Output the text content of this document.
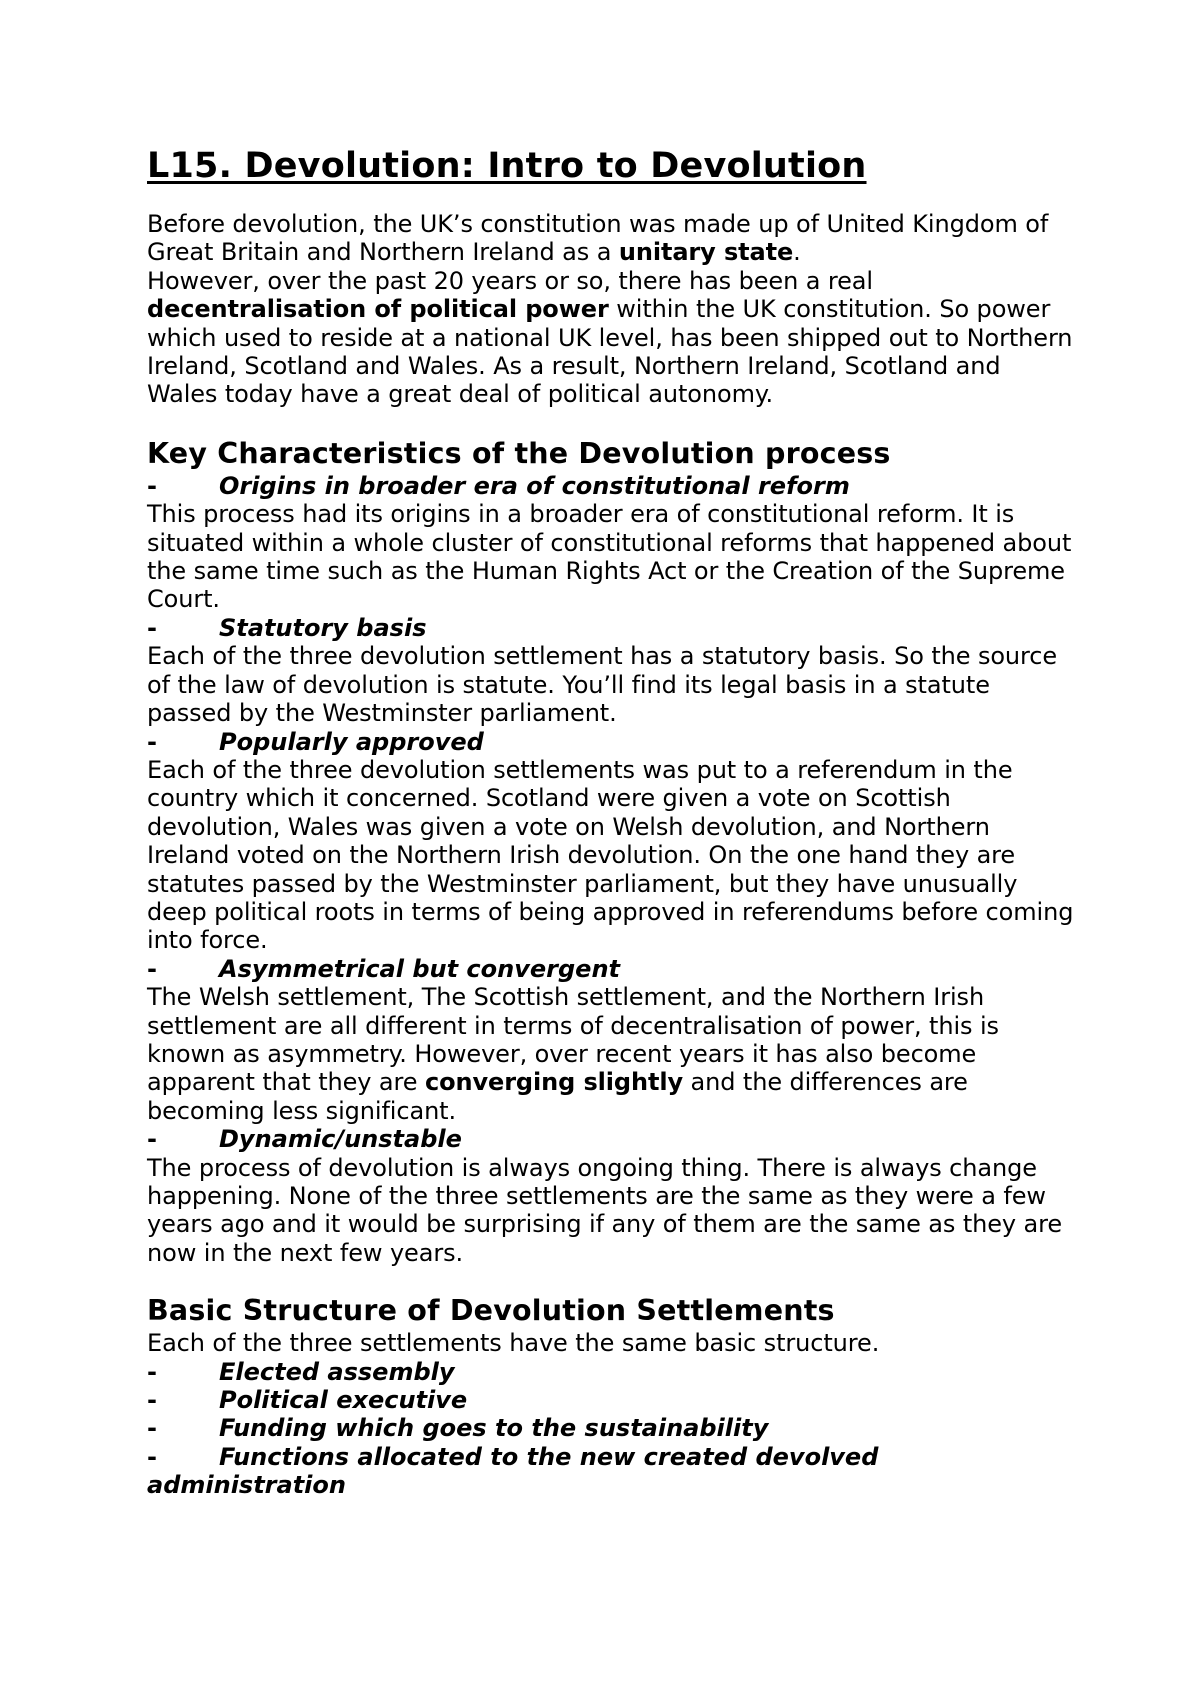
L15. Devolution: Intro to Devolution

Before devolution, the UK’s constitution was made up of United Kingdom of Great Britain and Northern Ireland as a unitary state.

However, over the past 20 years or so, there has been a real decentralisation of political power within the UK constitution. So power which used to reside at a national UK level, has been shipped out to Northern Ireland, Scotland and Wales. As a result, Northern Ireland, Scotland and Wales today have a great deal of political autonomy.

Key Characteristics of the Devolution process
-	Origins in broader era of constitutional reform

This process had its origins in a broader era of constitutional reform. It is situated within a whole cluster of constitutional reforms that happened about the same time such as the Human Rights Act or the Creation of the Supreme Court.

-	Statutory basis

Each of the three devolution settlement has a statutory basis. So the source of the law of devolution is statute. You’ll find its legal basis in a statute passed by the Westminster parliament.

-	Popularly approved

Each of the three devolution settlements was put to a referendum in the country which it concerned. Scotland were given a vote on Scottish devolution, Wales was given a vote on Welsh devolution, and Northern Ireland voted on the Northern Irish devolution. On the one hand they are statutes passed by the Westminster parliament, but they have unusually deep political roots in terms of being approved in referendums before coming into force.

-	Asymmetrical but convergent

The Welsh settlement, The Scottish settlement, and the Northern Irish settlement are all different in terms of decentralisation of power, this is known as asymmetry. However, over recent years it has also become apparent that they are converging slightly and the differences are becoming less significant.

-	Dynamic/unstable

The process of devolution is always ongoing thing. There is always change happening. None of the three settlements are the same as they were a few years ago and it would be surprising if any of them are the same as they are now in the next few years.

Basic Structure of Devolution Settlements

Each of the three settlements have the same basic structure.

-	Elected assembly
-	Political executive
-	Funding which goes to the sustainability
-	Functions allocated to the new created devolved administration
